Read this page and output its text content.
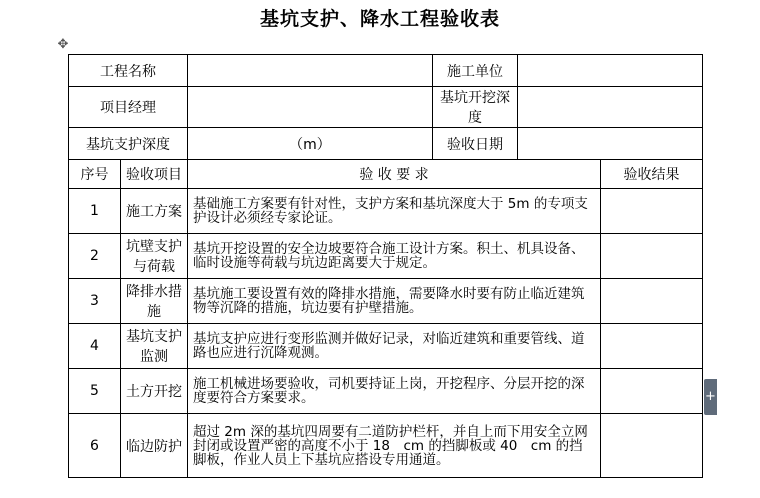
基坑支护、降水工程验收表
✥
工程名称			施工单位		
项目经理			基坑开挖深度		
基坑支护深度		（m）	验收日期		
序号	验收项目	验 收 要 求			验收结果
1	施工方案	基础施工方案要有针对性，支护方案和基坑深度大于 5m 的专项支护设计必须经专家论证。			
2	坑壁支护与荷载	基坑开挖设置的安全边坡要符合施工设计方案。积土、机具设备、临时设施等荷载与坑边距离要大于规定。			
3	降排水措施	基坑施工要设置有效的降排水措施，需要降水时要有防止临近建筑物等沉降的措施，坑边要有护壁措施。			
4	基坑支护监测	基坑支护应进行变形监测并做好记录，对临近建筑和重要管线、道路也应进行沉降观测。			
5	土方开挖	施工机械进场要验收，司机要持证上岗，开挖程序、分层开挖的深度要符合方案要求。			
6	临边防护	超过 2m 深的基坑四周要有二道防护栏杆，并自上而下用安全立网封闭或设置严密的高度不小于 18　cm 的挡脚板或 40　cm 的挡脚板，作业人员上下基坑应搭设专用通道。			
+
